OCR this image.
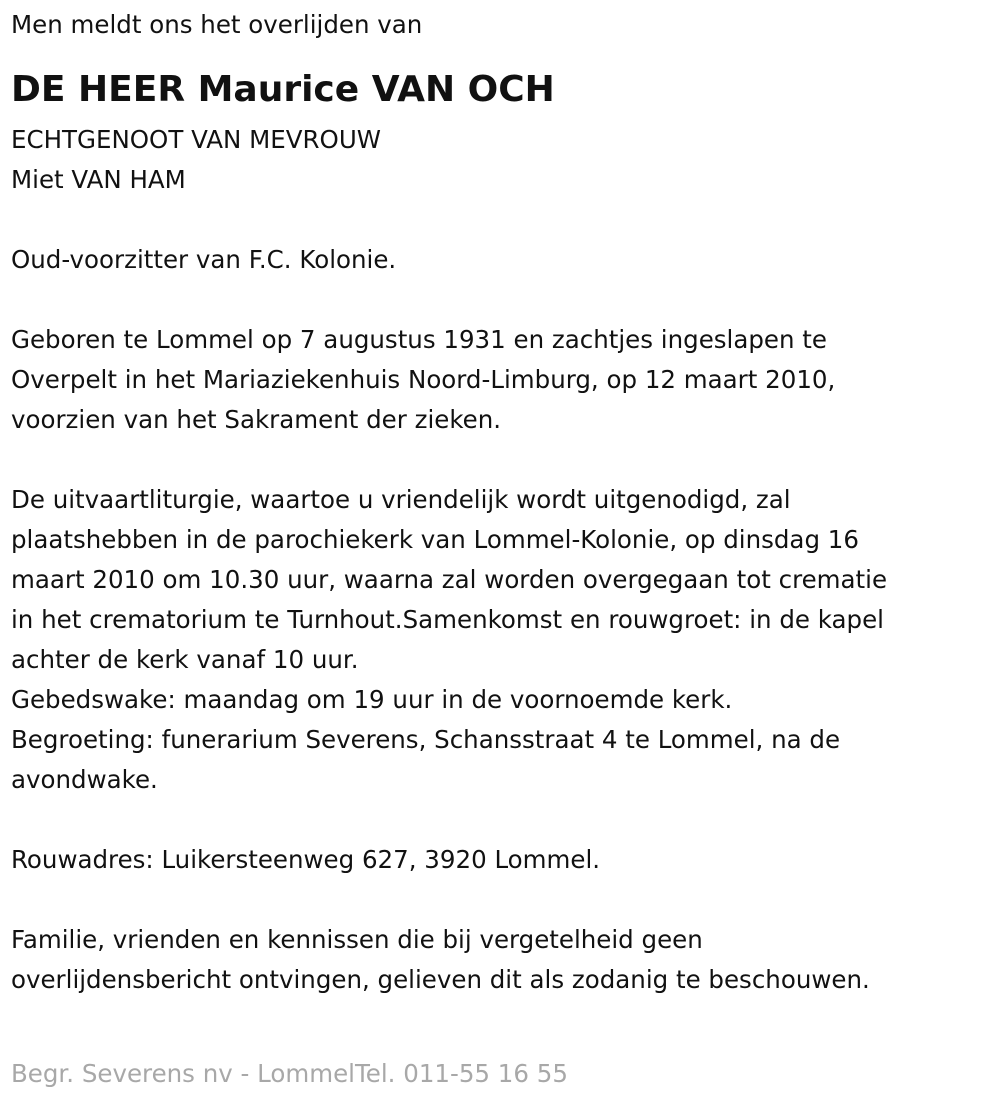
Men meldt ons het overlijden van
DE HEER Maurice VAN OCH
ECHTGENOOT VAN MEVROUW
Miet VAN HAM
Oud-voorzitter van F.C. Kolonie.
Geboren te Lommel op 7 augustus 1931 en zachtjes ingeslapen te
Overpelt in het Mariaziekenhuis Noord-Limburg, op 12 maart 2010,
voorzien van het Sakrament der zieken.
De uitvaartliturgie, waartoe u vriendelijk wordt uitgenodigd, zal
plaatshebben in de parochiekerk van Lommel-Kolonie, op dinsdag 16
maart 2010 om 10.30 uur, waarna zal worden overgegaan tot crematie
in het crematorium te Turnhout.Samenkomst en rouwgroet: in de kapel
achter de kerk vanaf 10 uur.
Gebedswake: maandag om 19 uur in de voornoemde kerk.
Begroeting: funerarium Severens, Schansstraat 4 te Lommel, na de
avondwake.
Rouwadres: Luikersteenweg 627, 3920 Lommel.
Familie, vrienden en kennissen die bij vergetelheid geen
overlijdensbericht ontvingen, gelieven dit als zodanig te beschouwen.
Begr. Severens nv - LommelTel. 011-55 16 55
